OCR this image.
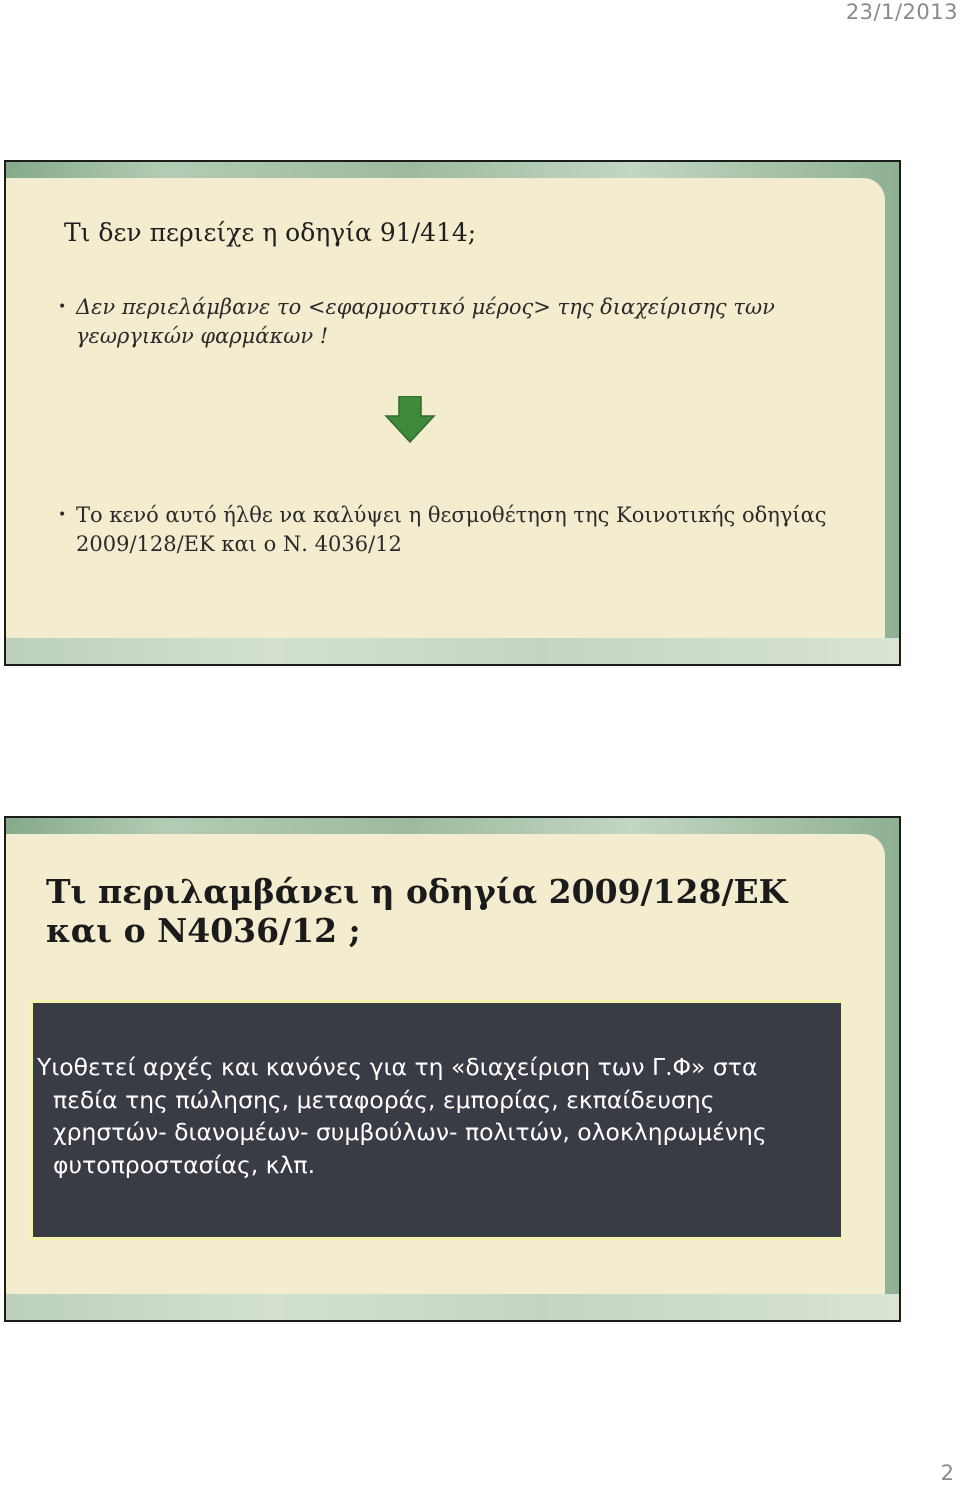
23/1/2013
Τι δεν περιείχε η οδηγία 91/414;

• Δεν περιελάμβανε το <εφαρμοστικό μέρος> της διαχείρισης των γεωργικών φαρμάκων !

• Το κενό αυτό ήλθε να καλύψει η θεσμοθέτηση της Κοινοτικής οδηγίας 2009/128/ΕΚ και ο Ν. 4036/12

Τι περιλαμβάνει η οδηγία 2009/128/ΕΚ και ο Ν4036/12 ;

Υιοθετεί αρχές και κανόνες για τη «διαχείριση των Γ.Φ» στα
πεδία της πώλησης, μεταφοράς, εμπορίας, εκπαίδευσης
χρηστών- διανομέων- συμβούλων- πολιτών, ολοκληρωμένης
φυτοπροστασίας, κλπ.

2
